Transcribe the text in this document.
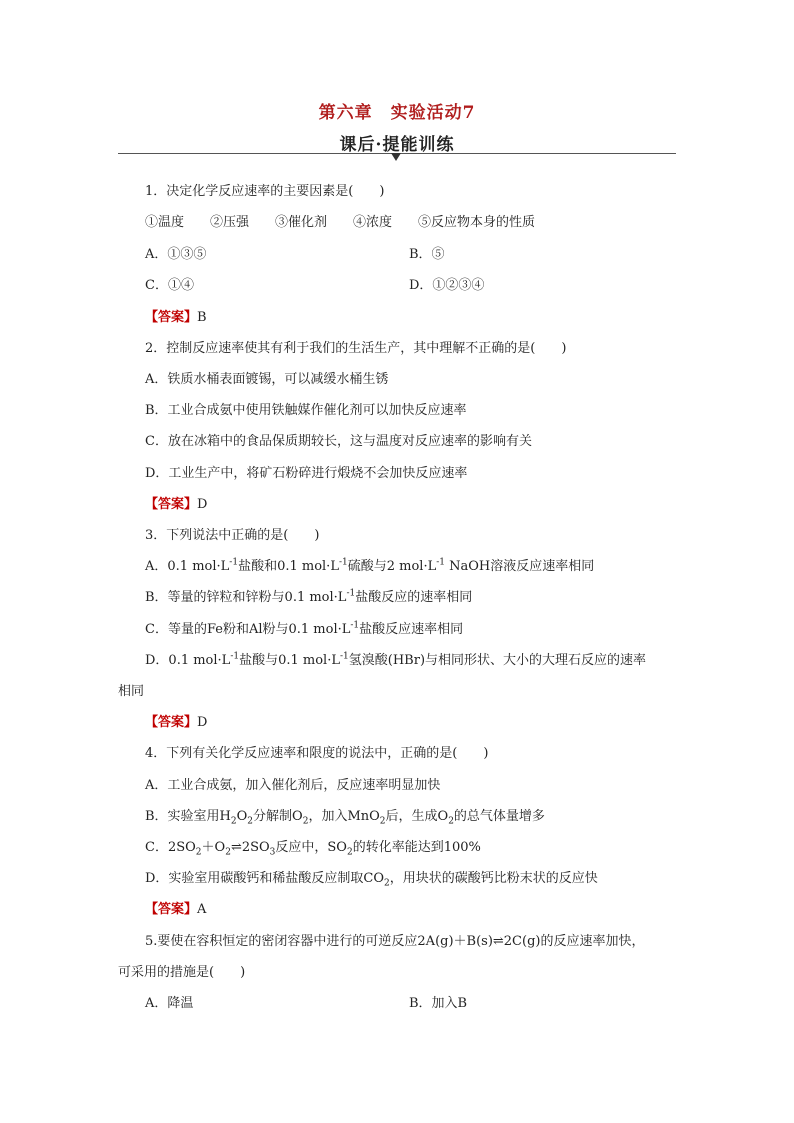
第六章　实验活动7
课后·提能训练
1．决定化学反应速率的主要因素是(　　)
①温度　　②压强　　③催化剂　　④浓度　　⑤反应物本身的性质
A．①③⑤	B．⑤
C．①④	D．①②③④
【答案】B
2．控制反应速率使其有利于我们的生活生产，其中理解不正确的是(　　)
A．铁质水桶表面镀锡，可以减缓水桶生锈
B．工业合成氨中使用铁触媒作催化剂可以加快反应速率
C．放在冰箱中的食品保质期较长，这与温度对反应速率的影响有关
D．工业生产中，将矿石粉碎进行煅烧不会加快反应速率
【答案】D
3．下列说法中正确的是(　　)
A．0.1 $mol\cdot L^{-1}$盐酸和0.1 $mol\cdot L^{-1}$硫酸与2 $mol\cdot L^{-1}$ NaOH溶液反应速率相同
B．等量的锌粒和锌粉与0.1 $mol\cdot L^{-1}$盐酸反应的速率相同
C．等量的Fe粉和Al粉与0.1 $mol\cdot L^{-1}$盐酸反应速率相同
D．0.1 $mol\cdot L^{-1}$盐酸与0.1 $mol\cdot L^{-1}$氢溴酸(HBr)与相同形状、大小的大理石反应的速率
相同
【答案】D
4．下列有关化学反应速率和限度的说法中，正确的是(　　)
A．工业合成氨，加入催化剂后，反应速率明显加快
B．实验室用$H_2O_2$分解制$O_2$，加入MnO$_2$后，生成$O_2$的总气体量增多
C．$2SO_2+O_2\rightleftharpoons 2SO_3$反应中，$SO_2$的转化率能达到100%
D．实验室用碳酸钙和稀盐酸反应制取$CO_2$，用块状的碳酸钙比粉末状的反应快
【答案】A
5.要使在容积恒定的密闭容器中进行的可逆反应2A(g)＋B(s)⇌2C(g)的反应速率加快，
可采用的措施是(　　)
A．降温	B．加入B
